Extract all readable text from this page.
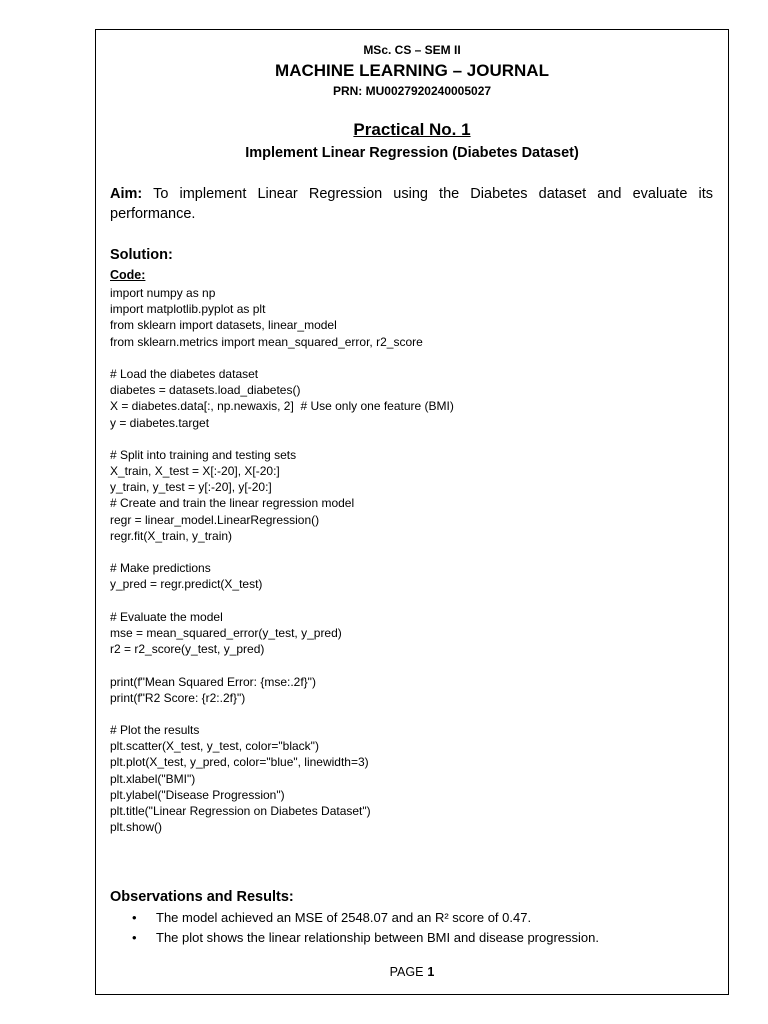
MSc. CS – SEM II
MACHINE LEARNING – JOURNAL
PRN: MU0027920240005027
Practical No. 1
Implement Linear Regression (Diabetes Dataset)
Aim: To implement Linear Regression using the Diabetes dataset and evaluate its performance.
Solution:
Code:
import numpy as np
import matplotlib.pyplot as plt
from sklearn import datasets, linear_model
from sklearn.metrics import mean_squared_error, r2_score
# Load the diabetes dataset
diabetes = datasets.load_diabetes()
X = diabetes.data[:, np.newaxis, 2]  # Use only one feature (BMI)
y = diabetes.target
# Split into training and testing sets
X_train, X_test = X[:-20], X[-20:]
y_train, y_test = y[:-20], y[-20:]
# Create and train the linear regression model
regr = linear_model.LinearRegression()
regr.fit(X_train, y_train)
# Make predictions
y_pred = regr.predict(X_test)
# Evaluate the model
mse = mean_squared_error(y_test, y_pred)
r2 = r2_score(y_test, y_pred)
print(f"Mean Squared Error: {mse:.2f}")
print(f"R2 Score: {r2:.2f}")
# Plot the results
plt.scatter(X_test, y_test, color="black")
plt.plot(X_test, y_pred, color="blue", linewidth=3)
plt.xlabel("BMI")
plt.ylabel("Disease Progression")
plt.title("Linear Regression on Diabetes Dataset")
plt.show()
Observations and Results:
• The model achieved an MSE of 2548.07 and an R² score of 0.47.
• The plot shows the linear relationship between BMI and disease progression.
PAGE 1
